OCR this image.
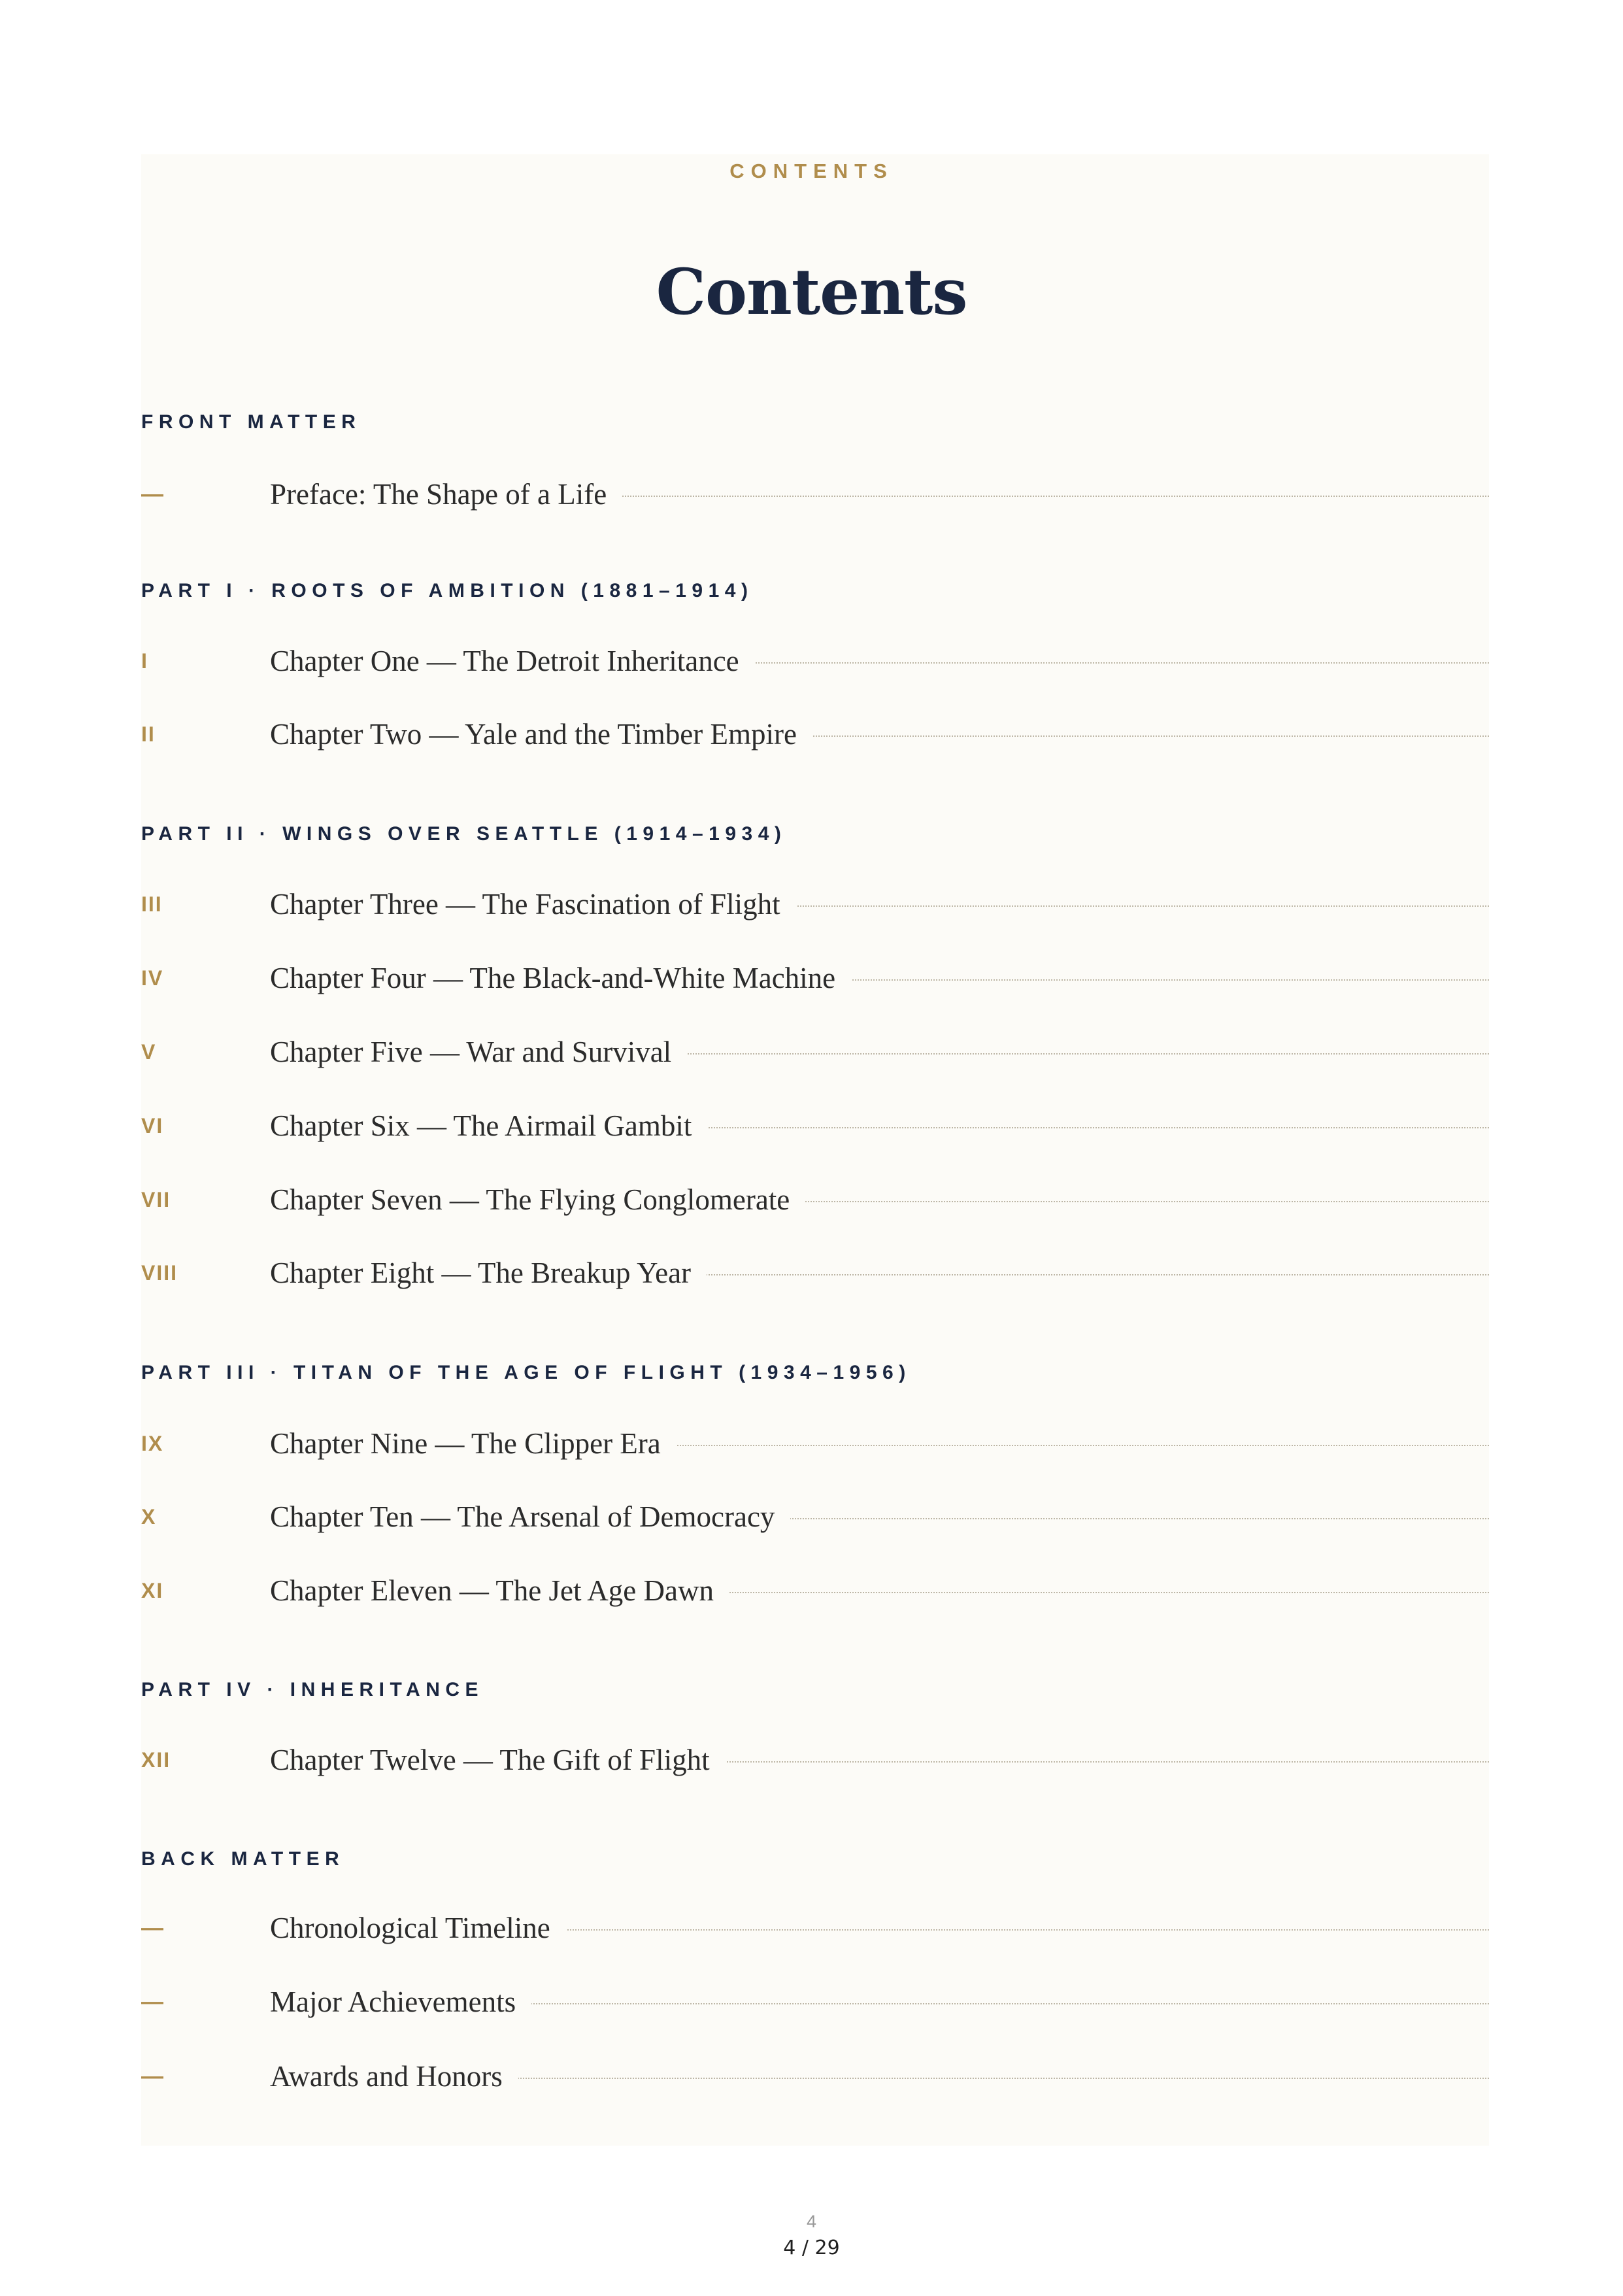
CONTENTS
Contents
FRONT MATTER
—	Preface: The Shape of a Life
PART I · ROOTS OF AMBITION (1881–1914)
I	Chapter One — The Detroit Inheritance
II	Chapter Two — Yale and the Timber Empire
PART II · WINGS OVER SEATTLE (1914–1934)
III	Chapter Three — The Fascination of Flight
IV	Chapter Four — The Black-and-White Machine
V	Chapter Five — War and Survival
VI	Chapter Six — The Airmail Gambit
VII	Chapter Seven — The Flying Conglomerate
VIII	Chapter Eight — The Breakup Year
PART III · TITAN OF THE AGE OF FLIGHT (1934–1956)
IX	Chapter Nine — The Clipper Era
X	Chapter Ten — The Arsenal of Democracy
XI	Chapter Eleven — The Jet Age Dawn
PART IV · INHERITANCE
XII	Chapter Twelve — The Gift of Flight
BACK MATTER
—	Chronological Timeline
—	Major Achievements
—	Awards and Honors
4
4 / 29
